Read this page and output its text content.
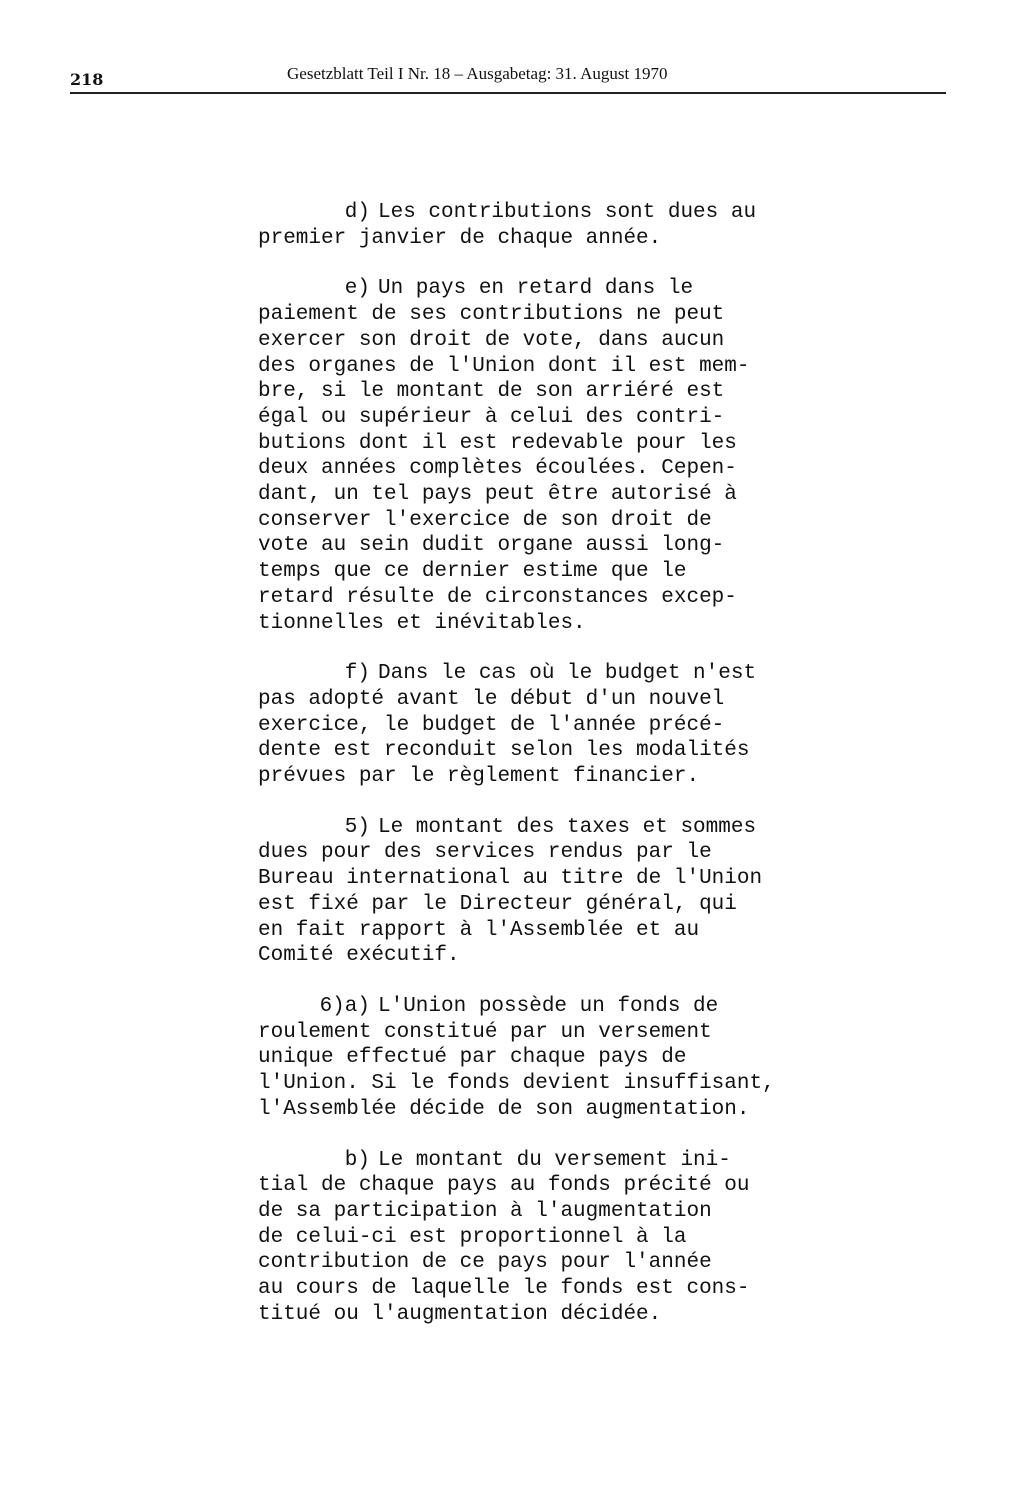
218	Gesetzblatt Teil I Nr. 18 – Ausgabetag: 31. August 1970

d) Les contributions sont dues au
premier janvier de chaque année.

e) Un pays en retard dans le
paiement de ses contributions ne peut
exercer son droit de vote, dans aucun
des organes de l'Union dont il est mem-
bre, si le montant de son arriéré est
égal ou supérieur à celui des contri-
butions dont il est redevable pour les
deux années complètes écoulées. Cepen-
dant, un tel pays peut être autorisé à
conserver l'exercice de son droit de
vote au sein dudit organe aussi long-
temps que ce dernier estime que le
retard résulte de circonstances excep-
tionnelles et inévitables.

f) Dans le cas où le budget n'est
pas adopté avant le début d'un nouvel
exercice, le budget de l'année précé-
dente est reconduit selon les modalités
prévues par le règlement financier.

5) Le montant des taxes et sommes
dues pour des services rendus par le
Bureau international au titre de l'Union
est fixé par le Directeur général, qui
en fait rapport à l'Assemblée et au
Comité exécutif.

6)a) L'Union possède un fonds de
roulement constitué par un versement
unique effectué par chaque pays de
l'Union. Si le fonds devient insuffisant,
l'Assemblée décide de son augmentation.

b) Le montant du versement ini-
tial de chaque pays au fonds précité ou
de sa participation à l'augmentation
de celui-ci est proportionnel à la
contribution de ce pays pour l'année
au cours de laquelle le fonds est cons-
titué ou l'augmentation décidée.
